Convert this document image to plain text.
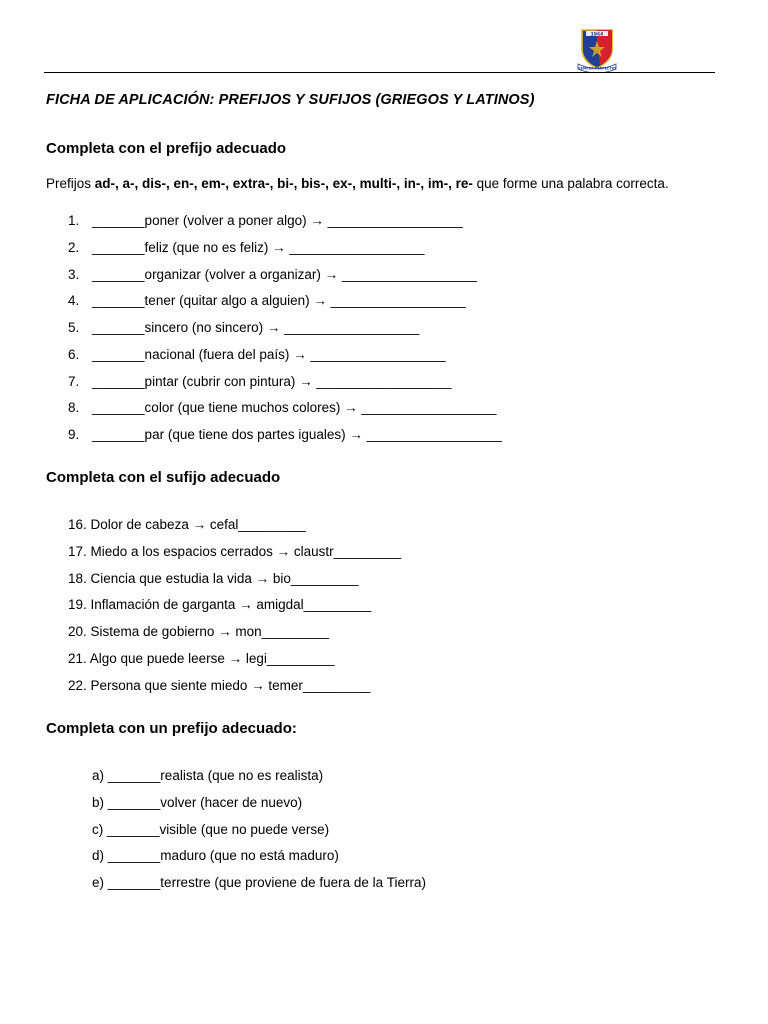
1964
SEMPER PERFECTIO
FICHA DE APLICACIÓN: PREFIJOS Y SUFIJOS (GRIEGOS Y LATINOS)
Completa con el prefijo adecuado
Prefijos ad-, a-, dis-, en-, em-, extra-, bi-, bis-, ex-, multi-, in-, im-, re- que forme una palabra correcta.
1. _______poner (volver a poner algo) → __________________
2. _______feliz (que no es feliz) → __________________
3. _______organizar (volver a organizar) → __________________
4. _______tener (quitar algo a alguien) → __________________
5. _______sincero (no sincero) → __________________
6. _______nacional (fuera del país) → __________________
7. _______pintar (cubrir con pintura) → __________________
8. _______color (que tiene muchos colores) → __________________
9. _______par (que tiene dos partes iguales) → __________________
Completa con el sufijo adecuado
16. Dolor de cabeza → cefal_________
17. Miedo a los espacios cerrados → claustr_________
18. Ciencia que estudia la vida → bio_________
19. Inflamación de garganta → amigdal_________
20. Sistema de gobierno → mon_________
21. Algo que puede leerse → legi_________
22. Persona que siente miedo → temer_________
Completa con un prefijo adecuado:
a) _______realista (que no es realista)
b) _______volver (hacer de nuevo)
c) _______visible (que no puede verse)
d) _______maduro (que no está maduro)
e) _______terrestre (que proviene de fuera de la Tierra)
